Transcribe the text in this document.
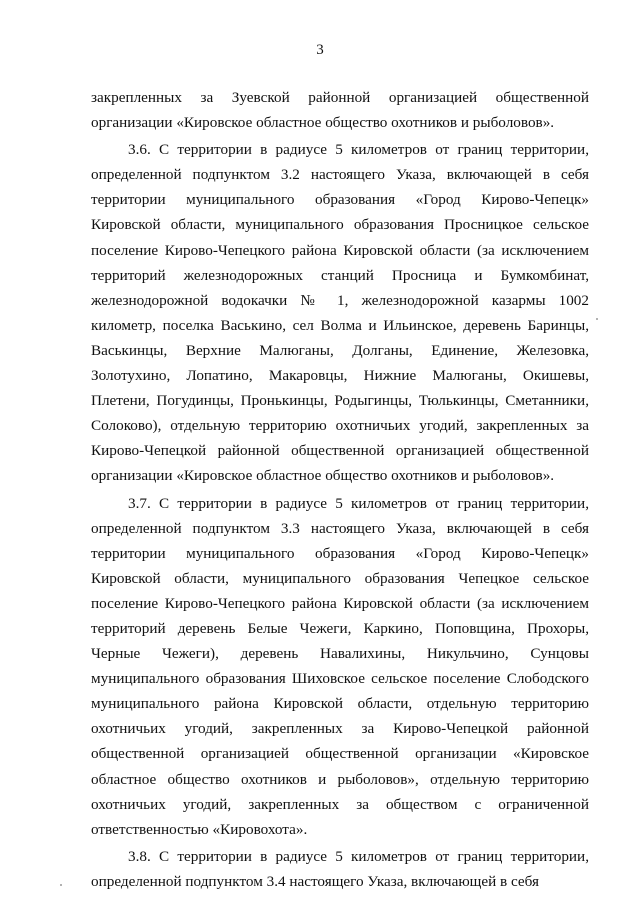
3

закрепленных за Зуевской районной организацией общественной организации «Кировское областное общество охотников и рыболовов».

3.6. С территории в радиусе 5 километров от границ территории, определенной подпунктом 3.2 настоящего Указа, включающей в себя территории муниципального образования «Город Кирово-Чепецк» Кировской области, муниципального образования Просницкое сельское поселение Кирово-Чепецкого района Кировской области (за исключением территорий железнодорожных станций Просница и Бумкомбинат, железнодорожной водокачки № 1, железнодорожной казармы 1002 километр, поселка Васькино, сел Волма и Ильинское, деревень Баринцы, Васькинцы, Верхние Малюганы, Долганы, Единение, Железовка, Золотухино, Лопатино, Макаровцы, Нижние Малюганы, Окишевы, Плетени, Погудинцы, Пронькинцы, Родыгинцы, Тюлькинцы, Сметанники, Солоково), отдельную территорию охотничьих угодий, закрепленных за Кирово-Чепецкой районной общественной организацией общественной организации «Кировское областное общество охотников и рыболовов».

3.7. С территории в радиусе 5 километров от границ территории, определенной подпунктом 3.3 настоящего Указа, включающей в себя территории муниципального образования «Город Кирово-Чепецк» Кировской области, муниципального образования Чепецкое сельское поселение Кирово-Чепецкого района Кировской области (за исключением территорий деревень Белые Чежеги, Каркино, Поповщина, Прохоры, Черные Чежеги), деревень Навалихины, Никульчино, Сунцовы муниципального образования Шиховское сельское поселение Слободского муниципального района Кировской области, отдельную территорию охотничьих угодий, закрепленных за Кирово-Чепецкой районной общественной организацией общественной организации «Кировское областное общество охотников и рыболовов», отдельную территорию охотничьих угодий, закрепленных за обществом с ограниченной ответственностью «Кировохота».

3.8. С территории в радиусе 5 километров от границ территории, определенной подпунктом 3.4 настоящего Указа, включающей в себя
